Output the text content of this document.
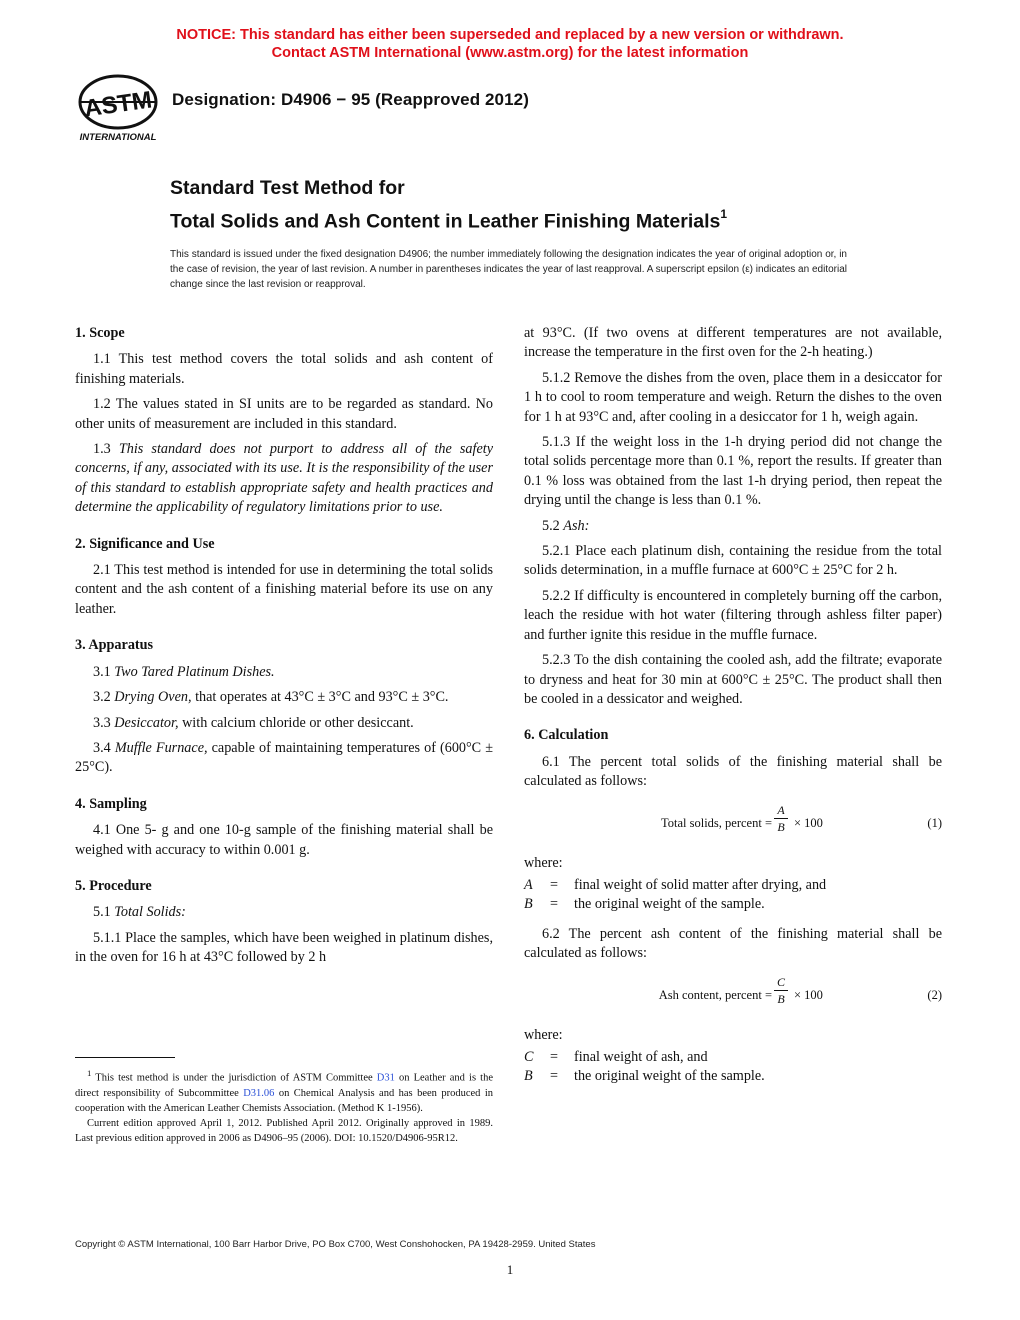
NOTICE: This standard has either been superseded and replaced by a new version or withdrawn.
Contact ASTM International (www.astm.org) for the latest information
ASTM
INTERNATIONAL
Designation: D4906 − 95 (Reapproved 2012)
Standard Test Method for
Total Solids and Ash Content in Leather Finishing Materials$^1$
This standard is issued under the fixed designation D4906; the number immediately following the designation indicates the year of original adoption or, in the case of revision, the year of last revision. A number in parentheses indicates the year of last reapproval. A superscript epsilon (ε) indicates an editorial change since the last revision or reapproval.
1. Scope

1.1 This test method covers the total solids and ash content of finishing materials.

1.2 The values stated in SI units are to be regarded as standard. No other units of measurement are included in this standard.

1.3 This standard does not purport to address all of the safety concerns, if any, associated with its use. It is the responsibility of the user of this standard to establish appropriate safety and health practices and determine the applicability of regulatory limitations prior to use.

2. Significance and Use

2.1 This test method is intended for use in determining the total solids content and the ash content of a finishing material before its use on any leather.

3. Apparatus

3.1 Two Tared Platinum Dishes.

3.2 Drying Oven, that operates at 43°C ± 3°C and 93°C ± 3°C.

3.3 Desiccator, with calcium chloride or other desiccant.

3.4 Muffle Furnace, capable of maintaining temperatures of (600°C ± 25°C).

4. Sampling

4.1 One 5- g and one 10-g sample of the finishing material shall be weighed with accuracy to within 0.001 g.

5. Procedure

5.1 Total Solids:

5.1.1 Place the samples, which have been weighed in platinum dishes, in the oven for 16 h at 43°C followed by 2 h

$^1$ This test method is under the jurisdiction of ASTM Committee D31 on Leather and is the direct responsibility of Subcommittee D31.06 on Chemical Analysis and has been produced in cooperation with the American Leather Chemists Association. (Method K 1-1956).

Current edition approved April 1, 2012. Published April 2012. Originally approved in 1989. Last previous edition approved in 2006 as D4906–95 (2006). DOI: 10.1520/D4906-95R12.

at 93°C. (If two ovens at different temperatures are not available, increase the temperature in the first oven for the 2-h heating.)

5.1.2 Remove the dishes from the oven, place them in a desiccator for 1 h to cool to room temperature and weigh. Return the dishes to the oven for 1 h at 93°C and, after cooling in a desiccator for 1 h, weigh again.

5.1.3 If the weight loss in the 1-h drying period did not change the total solids percentage more than 0.1 %, report the results. If greater than 0.1 % loss was obtained from the last 1-h drying period, then repeat the drying until the change is less than 0.1 %.

5.2 Ash:

5.2.1 Place each platinum dish, containing the residue from the total solids determination, in a muffle furnace at 600°C ± 25°C for 2 h.

5.2.2 If difficulty is encountered in completely burning off the carbon, leach the residue with hot water (filtering through ashless filter paper) and further ignite this residue in the muffle furnace.

5.2.3 To the dish containing the cooled ash, add the filtrate; evaporate to dryness and heat for 30 min at 600°C ± 25°C. The product shall then be cooled in a dessicator and weighed.

6. Calculation

6.1 The percent total solids of the finishing material shall be calculated as follows:

Total solids, percent = $\frac{A}{B} \times 100$	(1)

where:

A	=	final weight of solid matter after drying, and
B	=	the original weight of the sample.

6.2 The percent ash content of the finishing material shall be calculated as follows:

Ash content, percent = $\frac{C}{B} \times 100$	(2)

where:

C	=	final weight of ash, and
B	=	the original weight of the sample.
Copyright © ASTM International, 100 Barr Harbor Drive, PO Box C700, West Conshohocken, PA 19428-2959. United States
1
